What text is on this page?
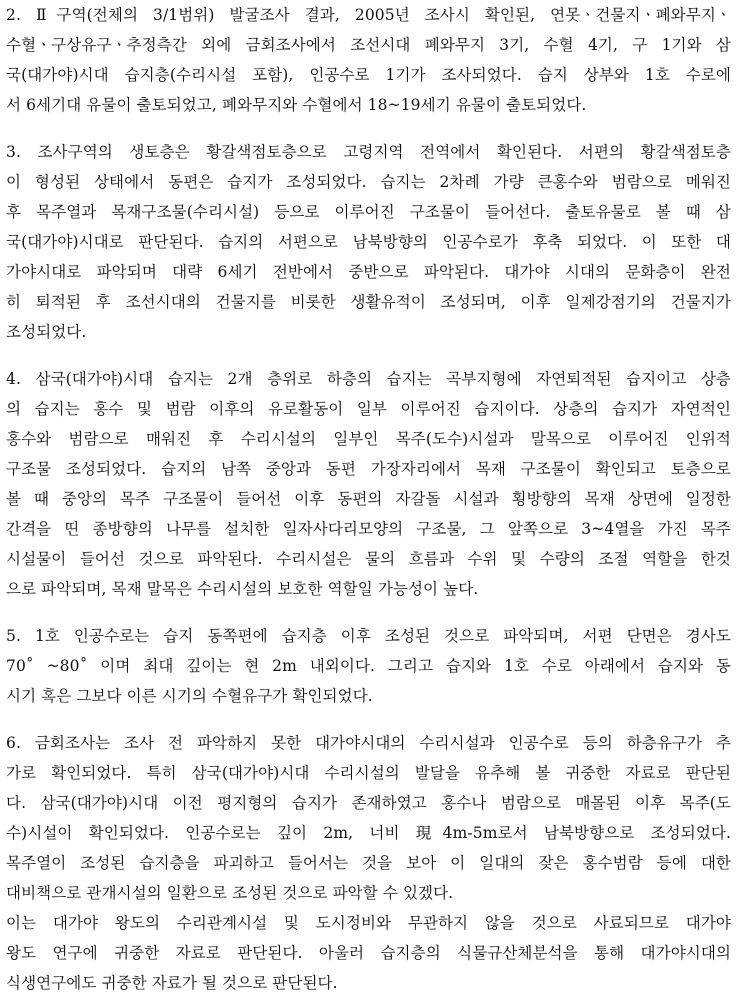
2. Ⅱ구역(전체의 3/1범위) 발굴조사 결과, 2005년 조사시 확인된, 연못ㆍ건물지ㆍ폐와무지ㆍ
수혈ㆍ구상유구ㆍ추정측간 외에 금회조사에서 조선시대 폐와무지 3기, 수혈 4기, 구 1기와 삼
국(대가야)시대 습지층(수리시설 포함), 인공수로 1기가 조사되었다. 습지 상부와 1호 수로에
서 6세기대 유물이 출토되었고, 폐와무지와 수혈에서 18~19세기 유물이 출토되었다.
3. 조사구역의 생토층은 황갈색점토층으로 고령지역 전역에서 확인된다. 서편의 황갈색점토층
이 형성된 상태에서 동편은 습지가 조성되었다. 습지는 2차례 가량 큰홍수와 범람으로 메워진
후 목주열과 목재구조물(수리시설) 등으로 이루어진 구조물이 들어선다. 출토유물로 볼 때 삼
국(대가야)시대로 판단된다. 습지의 서편으로 남북방향의 인공수로가 후축 되었다. 이 또한 대
가야시대로 파악되며 대략 6세기 전반에서 중반으로 파악된다. 대가야 시대의 문화층이 완전
히 퇴적된 후 조선시대의 건물지를 비롯한 생활유적이 조성되며, 이후 일제강점기의 건물지가
조성되었다.
4. 삼국(대가야)시대 습지는 2개 층위로 하층의 습지는 곡부지형에 자연퇴적된 습지이고 상층
의 습지는 홍수 및 범람 이후의 유로활동이 일부 이루어진 습지이다. 상층의 습지가 자연적인
홍수와 범람으로 매워진 후 수리시설의 일부인 목주(도수)시설과 말목으로 이루어진 인위적
구조물 조성되었다. 습지의 남쪽 중앙과 동편 가장자리에서 목재 구조물이 확인되고 토층으로
볼 때 중앙의 목주 구조물이 들어선 이후 동편의 자갈돌 시설과 횡방향의 목재 상면에 일정한
간격을 띤 종방향의 나무를 설치한 일자사다리모양의 구조물, 그 앞쪽으로 3~4열을 가진 목주
시설물이 들어선 것으로 파악된다. 수리시설은 물의 흐름과 수위 및 수량의 조절 역할을 한것
으로 파악되며, 목재 말목은 수리시설의 보호한 역할일 가능성이 높다.
5. 1호 인공수로는 습지 동쪽편에 습지층 이후 조성된 것으로 파악되며, 서편 단면은 경사도
70˚ ~80˚ 이며 최대 깊이는 현 2m 내외이다. 그리고 습지와 1호 수로 아래에서 습지와 동
시기 혹은 그보다 이른 시기의 수혈유구가 확인되었다.
6. 금회조사는 조사 전 파악하지 못한 대가야시대의 수리시설과 인공수로 등의 하층유구가 추
가로 확인되었다. 특히 삼국(대가야)시대 수리시설의 발달을 유추해 볼 귀중한 자료로 판단된
다. 삼국(대가야)시대 이전 평지형의 습지가 존재하였고 홍수나 범람으로 매몰된 이후 목주(도
수)시설이 확인되었다. 인공수로는 깊이 2m, 너비 現4m-5m로서 남북방향으로 조성되었다.
목주열이 조성된 습지층을 파괴하고 들어서는 것을 보아 이 일대의 잦은 홍수범람 등에 대한
대비책으로 관개시설의 일환으로 조성된 것으로 파악할 수 있겠다.
이는 대가야 왕도의 수리관계시설 및 도시정비와 무관하지 않을 것으로 사료되므로 대가야
왕도 연구에 귀중한 자료로 판단된다. 아울러 습지층의 식물규산체분석을 통해 대가야시대의
식생연구에도 귀중한 자료가 될 것으로 판단된다.
